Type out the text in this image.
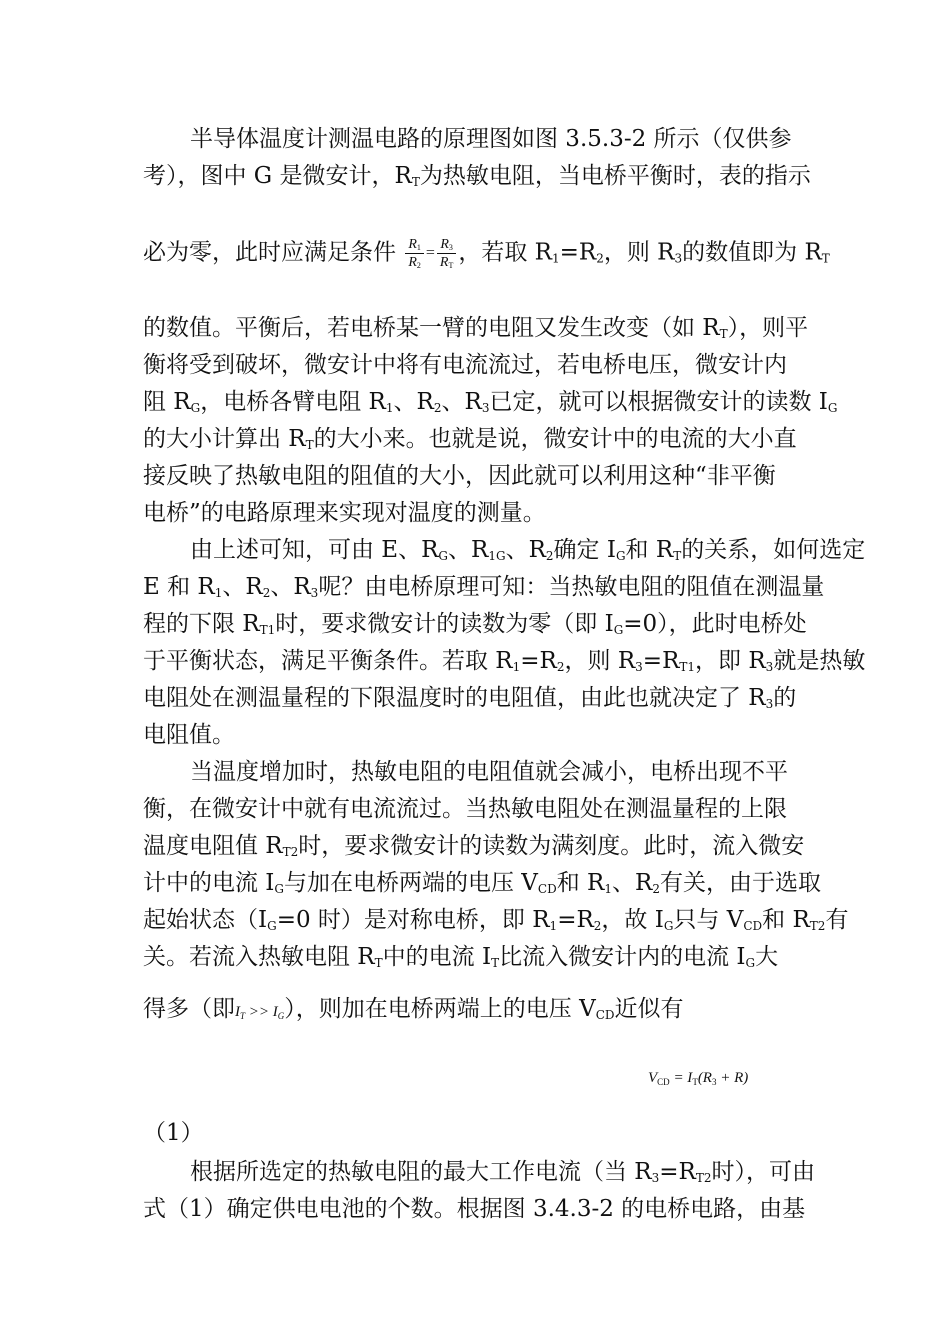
半导体温度计测温电路的原理图如图 3.5.3-2 所示（仅供参
考），图中 G 是微安计，$R_T$为热敏电阻，当电桥平衡时，表的指示
必为零，此时应满足条件 $\frac{R_1}{R_2} = \frac{R_3}{R_T}$ ，若取 $R_1=R_2$，则 $R_3$的数值即为 $R_T$
的数值。平衡后，若电桥某一臂的电阻又发生改变（如 $R_T$），则平
衡将受到破坏，微安计中将有电流流过，若电桥电压，微安计内
阻 $R_G$，电桥各臂电阻 $R_1$、$R_2$、$R_3$已定，就可以根据微安计的读数 $I_G$
的大小计算出 $R_T$的大小来。也就是说，微安计中的电流的大小直
接反映了热敏电阻的阻值的大小，因此就可以利用这种“非平衡
电桥”的电路原理来实现对温度的测量。
由上述可知，可由 E、$R_G$、$R_{1G}$、$R_2$确定 $I_G$和 $R_T$的关系，如何选定
E 和 $R_1$、$R_2$、$R_3$呢？由电桥原理可知：当热敏电阻的阻值在测温量
程的下限 $R_{T1}$时，要求微安计的读数为零（即 $I_G=0$），此时电桥处
于平衡状态，满足平衡条件。若取 $R_1=R_2$，则 $R_3=R_{T1}$，即 $R_3$就是热敏
电阻处在测温量程的下限温度时的电阻值，由此也就决定了 $R_3$的
电阻值。
当温度增加时，热敏电阻的电阻值就会减小，电桥出现不平
衡，在微安计中就有电流流过。当热敏电阻处在测温量程的上限
温度电阻值 $R_{T2}$时，要求微安计的读数为满刻度。此时，流入微安
计中的电流 $I_G$与加在电桥两端的电压 $V_{CD}$和 $R_1$、$R_2$有关，由于选取
起始状态（$I_G=0$ 时）是对称电桥，即 $R_1=R_2$，故 $I_G$只与 $V_{CD}$和 $R_{T2}$有
关。若流入热敏电阻 $R_T$中的电流 $I_T$比流入微安计内的电流 $I_G$大
得多（即$I_T >> I_G$），则加在电桥两端上的电压 $V_{CD}$近似有
$V_{CD} = I_T(R_3 + R)$
（1）
根据所选定的热敏电阻的最大工作电流（当 $R_3=R_{T2}$时），可由
式（1）确定供电电池的个数。根据图 3.4.3-2 的电桥电路，由基
